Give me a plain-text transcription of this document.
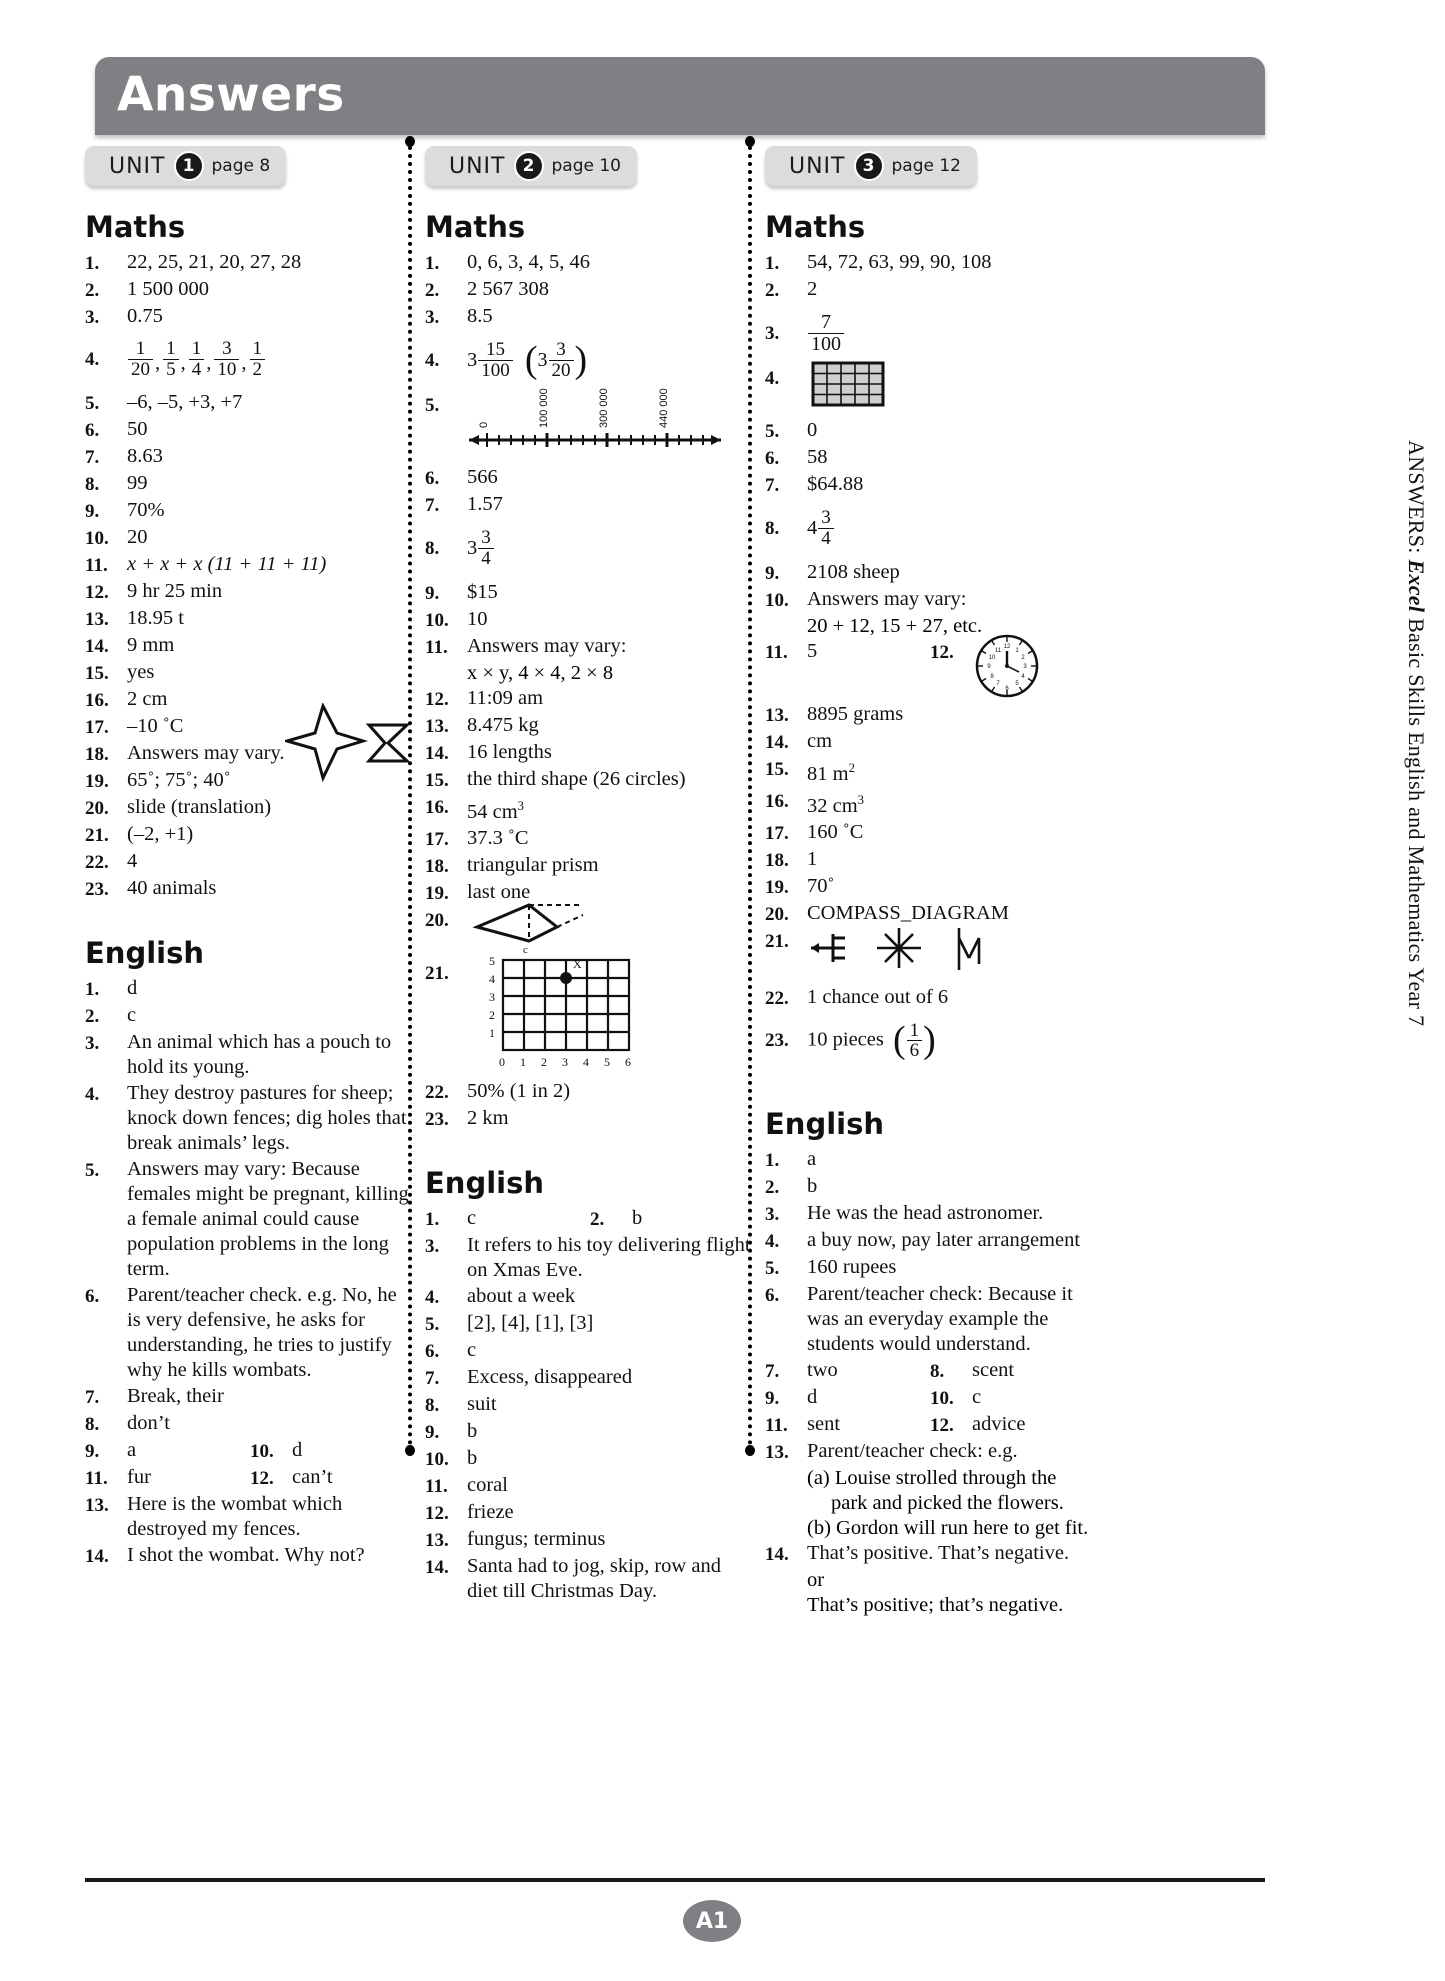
Answers
UNIT	1	page 8
Maths
1.	22, 25, 21, 20, 27, 28
2.	1 500 000
3.	0.75
4.	$\frac{1}{20}$ , $\frac{1}{5}$ , $\frac{1}{4}$ , $\frac{3}{10}$ , $\frac{1}{2}$
5.	–6, –5, +3, +7
6.	50
7.	8.63
8.	99
9.	70%
10. 20
11. x + x + x (11 + 11 + 11)
12. 9 hr 25 min
13. 18.95 t
14. 9 mm
15. yes
16. 2 cm
17. –10 ˚C
18. Answers may vary.
19. 65˚; 75˚; 40˚
20. slide (translation)
21. (–2, +1)
22. 4
23. 40 animals
English
1.	d
2.	c
3.	An animal which has a pouch to hold its young.
4.	They destroy pastures for sheep; knock down fences; dig holes that break animals’ legs.
5.	Answers may vary: Because females might be pregnant, killing a female animal could cause population problems in the long term.
6.	Parent/teacher check. e.g. No, he is very defensive, he asks for understanding, he tries to justify why he kills wombats.
7.	Break, their
8.	don’t
9.	a	10. d
11. fur	12. can’t
13. Here is the wombat which destroyed my fences.
14. I shot the wombat. Why not?
UNIT	2	page 10
Maths
1.	0, 6, 3, 4, 5, 46
2.	2 567 308
3.	8.5
4.	$3 \frac{15}{100}$
( $3 \frac{3}{20}$ )
5.
0	100 000	300 000	440 000
6.	566
7.	1.57
8.	$3 \frac{3}{4}$
9.	$15
10. 10
11. Answers may vary:
x × y, 4 × 4, 2 × 8
12. 11:09 am
13. 8.475 kg
14. 16 lengths
15. the third shape (26 circles)
16. 54 $cm^3$
17. 37.3 ˚C
18. triangular prism
19. last one
20.
c
21.	X
5
4
3
2
1
0 1 2 3 4 5 6
22. 50% (1 in 2)
23. 2 km
English
1.	c	2.	b
3.	It refers to his toy delivering flight on Xmas Eve.
4.	about a week
5.	[2], [4], [1], [3]
6.	c
7.	Excess, disappeared
8.	suit
9.	b
10. b
11. coral
12. frieze
13. fungus; terminus
14. Santa had to jog, skip, row and diet till Christmas Day.
UNIT	3	page 12
Maths
1.	54, 72, 63, 99, 90, 108
2.	2
3.	$\frac{7}{100}$
4.
5.	0
6.	58
7.	$64.88
8.	$4 \frac{3}{4}$
9.	2108 sheep
10. Answers may vary:
20 + 12, 15 + 27, etc.
11. 5	12.	12
3
6
9
1
2
4
5
7
8
10
11
13. 8895 grams
14. cm
15. 81 $m^2$
16. 32 $cm^3$
17. 160 ˚C
18. 1
19. 70˚
20. COMPASS_DIAGRAM
21.
22. 1 chance out of 6
23. 10 pieces ( $\frac{1}{6}$ )
English
1.	a
2.	b
3.	He was the head astronomer.
4.	a buy now, pay later arrangement
5.	160 rupees
6.	Parent/teacher check: Because it was an everyday example the students would understand.
7.	two	8.	scent
9.	d	10. c
11. sent	12. advice
13. Parent/teacher check: e.g.
(a) Louise strolled through the park and picked the flowers.
(b) Gordon will run here to get fit.
14. That’s positive. That’s negative.
or
That’s positive; that’s negative.
ANSWERS: Excel Basic Skills English and Mathematics Year 7
A1
